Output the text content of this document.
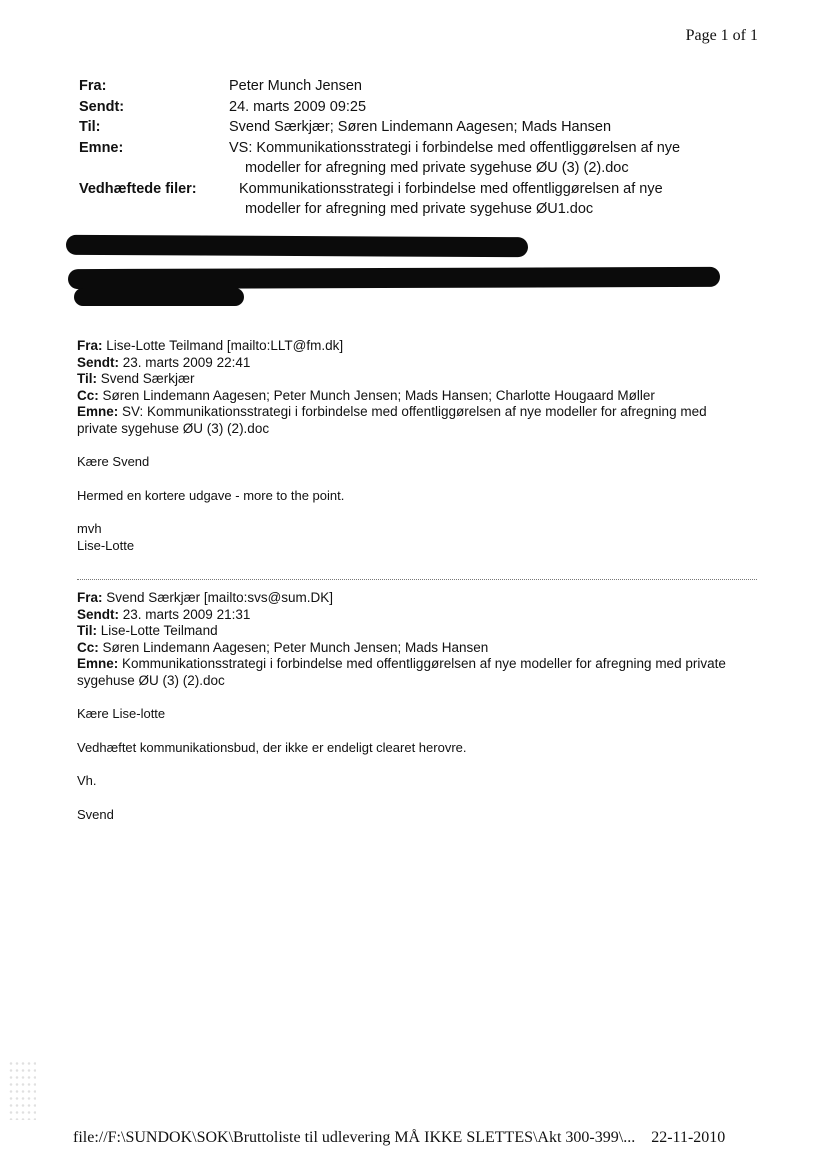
Page 1 of 1
Fra:	Peter Munch Jensen
Sendt:	24. marts 2009 09:25
Til:	Svend Særkjær; Søren Lindemann Aagesen; Mads Hansen
Emne:	VS: Kommunikationsstrategi i forbindelse med offentliggørelsen af nye
modeller for afregning med private sygehuse ØU (3) (2).doc
Vedhæftede filer:	Kommunikationsstrategi i forbindelse med offentliggørelsen af nye
modeller for afregning med private sygehuse ØU1.doc

Fra: Lise-Lotte Teilmand [mailto:LLT@fm.dk]

Sendt: 23. marts 2009 22:41

Til: Svend Særkjær

Cc: Søren Lindemann Aagesen; Peter Munch Jensen; Mads Hansen; Charlotte Hougaard Møller

Emne: SV: Kommunikationsstrategi i forbindelse med offentliggørelsen af nye modeller for afregning med

private sygehuse ØU (3) (2).doc

Kære Svend

Hermed en kortere udgave - more to the point.

mvh

Lise-Lotte

Fra: Svend Særkjær [mailto:svs@sum.DK]

Sendt: 23. marts 2009 21:31

Til: Lise-Lotte Teilmand

Cc: Søren Lindemann Aagesen; Peter Munch Jensen; Mads Hansen

Emne: Kommunikationsstrategi i forbindelse med offentliggørelsen af nye modeller for afregning med private

sygehuse ØU (3) (2).doc

Kære Lise-lotte

Vedhæftet kommunikationsbud, der ikke er endeligt clearet herovre.

Vh.

Svend

file://F:\SUNDOK\SOK\Bruttoliste til udlevering MÅ IKKE SLETTES\Akt 300-399\... 22-11-2010
